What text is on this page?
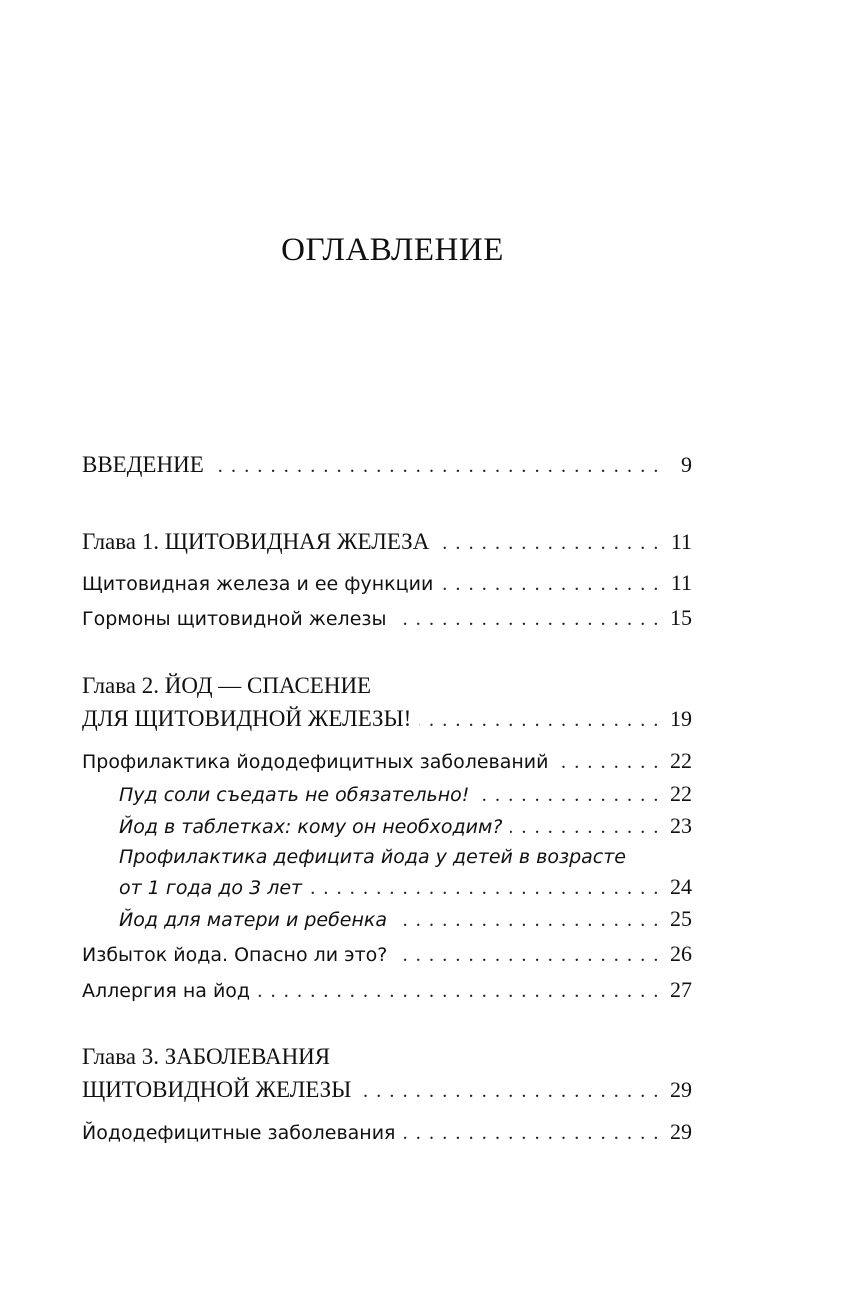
ОГЛАВЛЕНИЕ
ВВЕДЕНИЕ . . .	9
Глава 1. ЩИТОВИДНАЯ ЖЕЛЕЗА . . .	11
Щитовидная железа и ее функции . . .	11
Гормоны щитовидной железы . . .	15
Глава 2. ЙОД — СПАСЕНИЕ
ДЛЯ ЩИТОВИДНОЙ ЖЕЛЕЗЫ! . . .	19
Профилактика йододефицитных заболеваний . . .	22
Пуд соли съедать не обязательно! . . .	22
Йод в таблетках: кому он необходим? . . .	23
Профилактика дефицита йода у детей в возрасте
от 1 года до 3 лет . . .	24
Йод для матери и ребенка . . .	25
Избыток йода. Опасно ли это? . . .	26
Аллергия на йод . . .	27
Глава 3. ЗАБОЛЕВАНИЯ
ЩИТОВИДНОЙ ЖЕЛЕЗЫ . . .	29
Йододефицитные заболевания . . .	29
